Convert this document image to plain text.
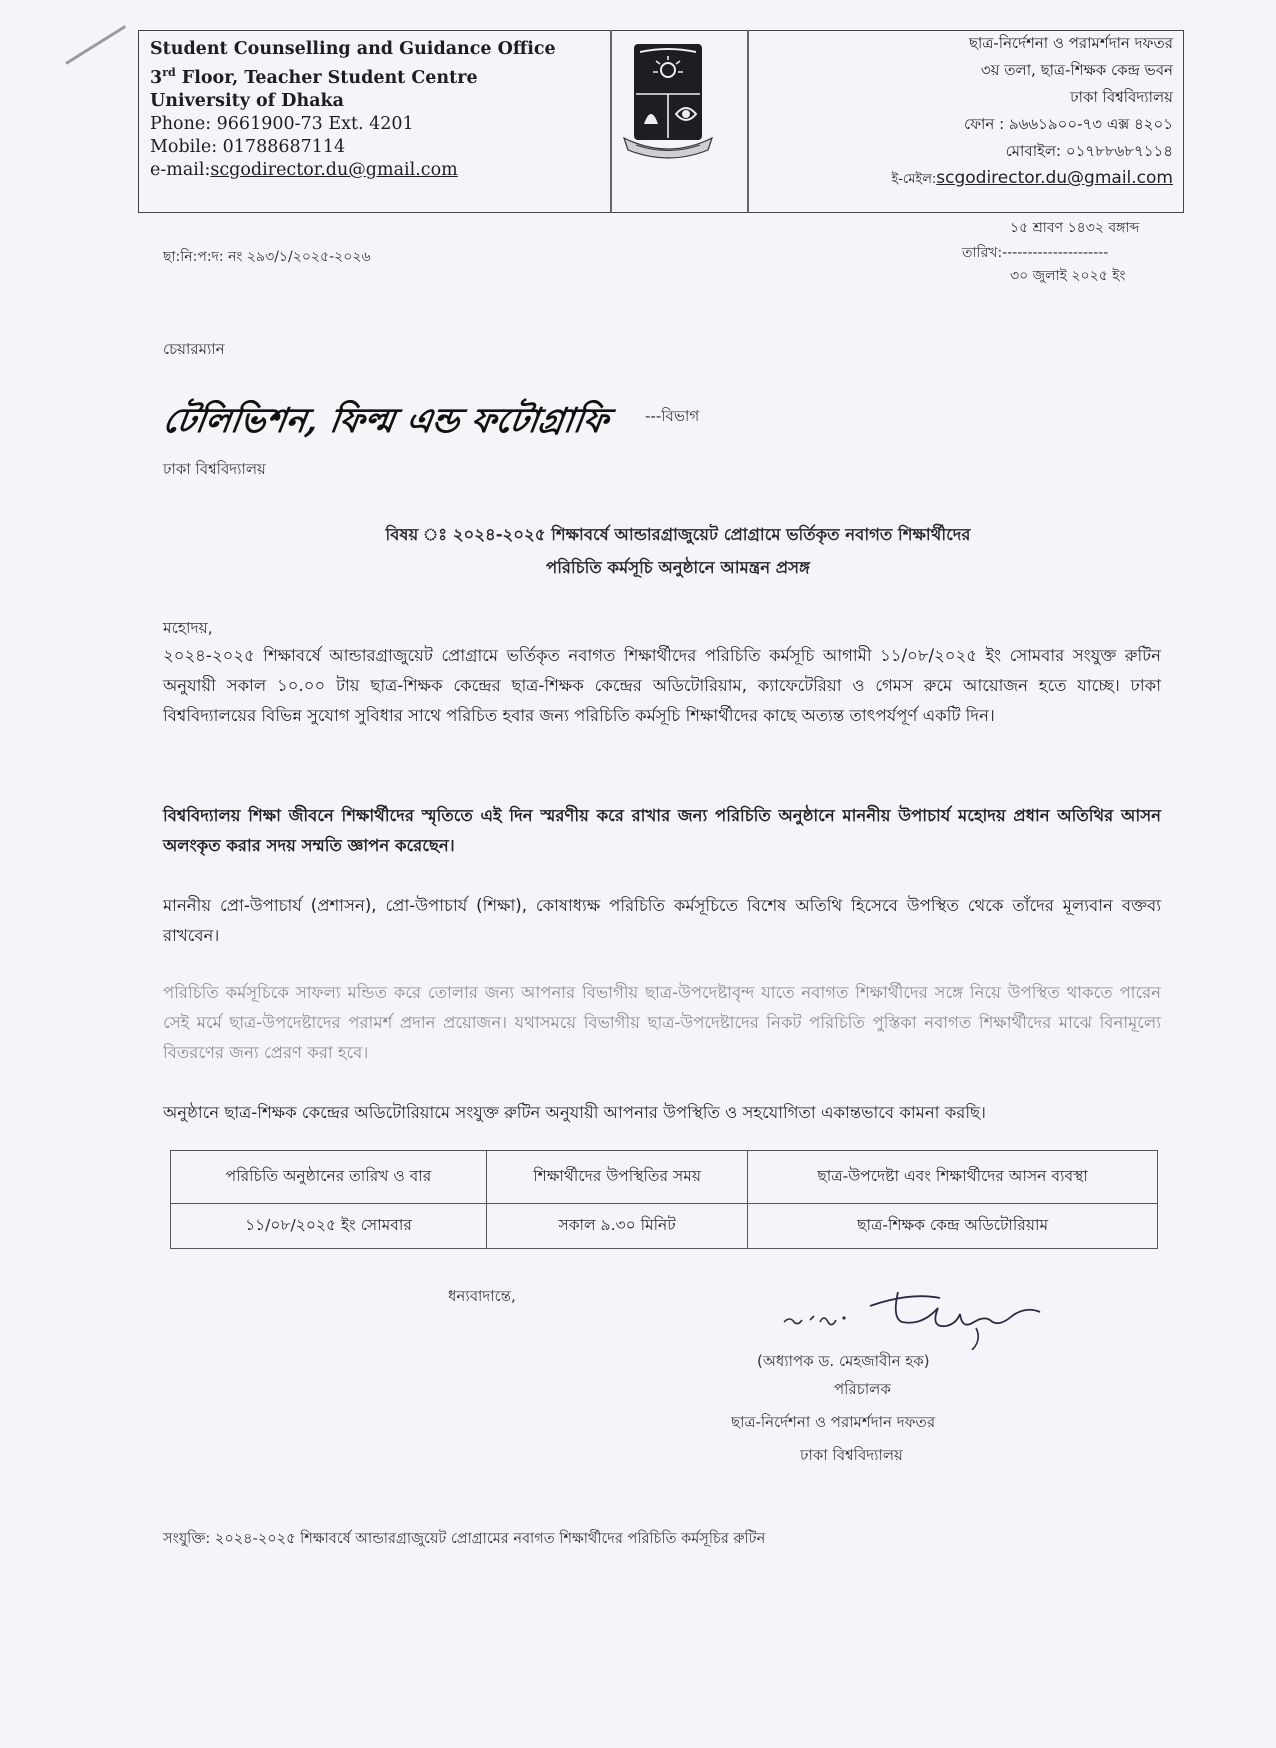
Student Counselling and Guidance Office
3rd Floor, Teacher Student Centre
University of Dhaka
Phone: 9661900-73 Ext. 4201
Mobile: 01788687114
e-mail:scgodirector.du@gmail.com
ছাত্র-নির্দেশনা ও পরামর্শদান দফতর
৩য় তলা, ছাত্র-শিক্ষক কেন্দ্র ভবন
ঢাকা বিশ্ববিদ্যালয়
ফোন : ৯৬৬১৯০০-৭৩ এক্স ৪২০১
মোবাইল: ০১৭৮৮৬৮৭১১৪
ই-মেইল:scgodirector.du@gmail.com
ছা:নি:প:দ: নং ২৯৩/১/২০২৫-২০২৬
১৫ শ্রাবণ ১৪৩২ বঙ্গাব্দ
তারিখ:---------------------
৩০ জুলাই ২০২৫ ইং
চেয়ারম্যান
টেলিভিশন, ফিল্ম এন্ড ফটোগ্রাফি ---বিভাগ
ঢাকা বিশ্ববিদ্যালয়
বিষয় ঃ ২০২৪-২০২৫ শিক্ষাবর্ষে আন্ডারগ্রাজুয়েট প্রোগ্রামে ভর্তিকৃত নবাগত শিক্ষার্থীদের
পরিচিতি কর্মসূচি অনুষ্ঠানে আমন্ত্রন প্রসঙ্গ
মহোদয়,
২০২৪-২০২৫ শিক্ষাবর্ষে আন্ডারগ্রাজুয়েট প্রোগ্রামে ভর্তিকৃত নবাগত শিক্ষার্থীদের পরিচিতি কর্মসূচি আগামী ১১/০৮/২০২৫ ইং সোমবার সংযুক্ত রুটিন অনুযায়ী সকাল ১০.০০ টায় ছাত্র-শিক্ষক কেন্দ্রের ছাত্র-শিক্ষক কেন্দ্রের অডিটোরিয়াম, ক্যাফেটেরিয়া ও গেমস রুমে আয়োজন হতে যাচ্ছে। ঢাকা বিশ্ববিদ্যালয়ের বিভিন্ন সুযোগ সুবিধার সাথে পরিচিত হবার জন্য পরিচিতি কর্মসূচি শিক্ষার্থীদের কাছে অত্যন্ত তাৎপর্যপূর্ণ একটি দিন।
বিশ্ববিদ্যালয় শিক্ষা জীবনে শিক্ষার্থীদের স্মৃতিতে এই দিন স্মরণীয় করে রাখার জন্য পরিচিতি অনুষ্ঠানে মাননীয় উপাচার্য মহোদয় প্রধান অতিথির আসন অলংকৃত করার সদয় সম্মতি জ্ঞাপন করেছেন।
মাননীয় প্রো-উপাচার্য (প্রশাসন), প্রো-উপাচার্য (শিক্ষা), কোষাধ্যক্ষ পরিচিতি কর্মসূচিতে বিশেষ অতিথি হিসেবে উপস্থিত থেকে তাঁদের মূল্যবান বক্তব্য রাখবেন।
পরিচিতি কর্মসূচিকে সাফল্য মন্ডিত করে তোলার জন্য আপনার বিভাগীয় ছাত্র-উপদেষ্টাবৃন্দ যাতে নবাগত শিক্ষার্থীদের সঙ্গে নিয়ে উপস্থিত থাকতে পারেন সেই মর্মে ছাত্র-উপদেষ্টাদের পরামর্শ প্রদান প্রয়োজন। যথাসময়ে বিভাগীয় ছাত্র-উপদেষ্টাদের নিকট পরিচিতি পুস্তিকা নবাগত শিক্ষার্থীদের মাঝে বিনামূল্যে বিতরণের জন্য প্রেরণ করা হবে।
অনুষ্ঠানে ছাত্র-শিক্ষক কেন্দ্রের অডিটোরিয়ামে সংযুক্ত রুটিন অনুযায়ী আপনার উপস্থিতি ও সহযোগিতা একান্তভাবে কামনা করছি।
পরিচিতি অনুষ্ঠানের তারিখ ও বার	শিক্ষার্থীদের উপস্থিতির সময়	ছাত্র-উপদেষ্টা এবং শিক্ষার্থীদের আসন ব্যবস্থা
১১/০৮/২০২৫ ইং সোমবার	সকাল ৯.৩০ মিনিট	ছাত্র-শিক্ষক কেন্দ্র অডিটোরিয়াম
ধন্যবাদান্তে,
(অধ্যাপক ড. মেহজাবীন হক)
পরিচালক
ছাত্র-নির্দেশনা ও পরামর্শদান দফতর
ঢাকা বিশ্ববিদ্যালয়
সংযুক্তি: ২০২৪-২০২৫ শিক্ষাবর্ষে আন্ডারগ্রাজুয়েট প্রোগ্রামের নবাগত শিক্ষার্থীদের পরিচিতি কর্মসূচির রুটিন
